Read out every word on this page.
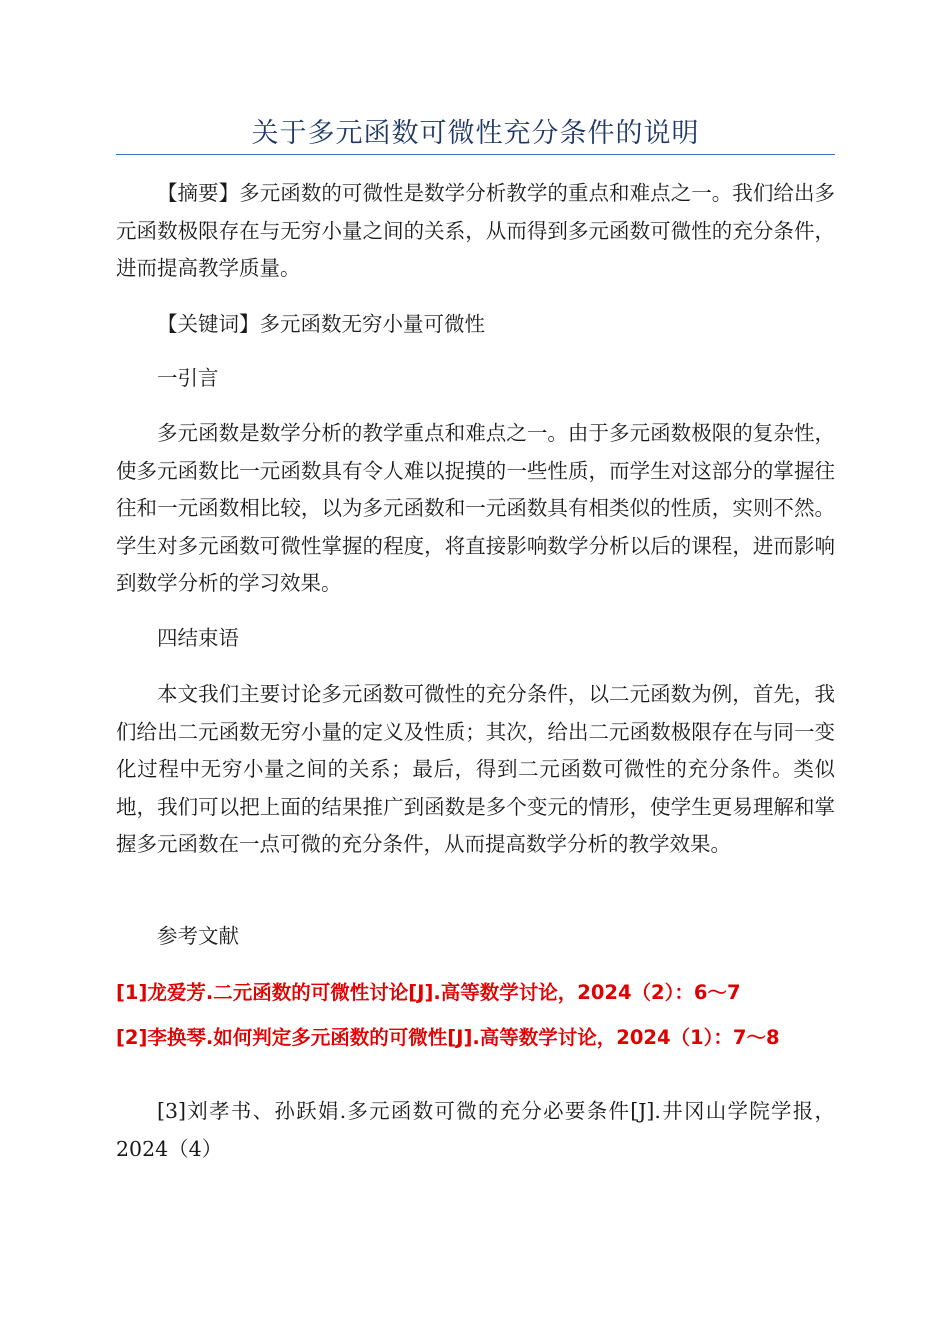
关于多元函数可微性充分条件的说明

【摘要】多元函数的可微性是数学分析教学的重点和难点之一。我们给出多元函数极限存在与无穷小量之间的关系，从而得到多元函数可微性的充分条件，进而提高教学质量。

【关键词】多元函数无穷小量可微性

一引言

多元函数是数学分析的教学重点和难点之一。由于多元函数极限的复杂性，使多元函数比一元函数具有令人难以捉摸的一些性质，而学生对这部分的掌握往往和一元函数相比较，以为多元函数和一元函数具有相类似的性质，实则不然。学生对多元函数可微性掌握的程度，将直接影响数学分析以后的课程，进而影响到数学分析的学习效果。

四结束语

本文我们主要讨论多元函数可微性的充分条件，以二元函数为例，首先，我们给出二元函数无穷小量的定义及性质；其次，给出二元函数极限存在与同一变化过程中无穷小量之间的关系；最后，得到二元函数可微性的充分条件。类似地，我们可以把上面的结果推广到函数是多个变元的情形，使学生更易理解和掌握多元函数在一点可微的充分条件，从而提高数学分析的教学效果。

参考文献

[1]龙爱芳.二元函数的可微性讨论[J].高等数学讨论，2024（2）：6～7

[2]李换琴.如何判定多元函数的可微性[J].高等数学讨论，2024（1）：7～8

[3]刘孝书、孙跃娟.多元函数可微的充分必要条件[J].井冈山学院学报，2024（4）
